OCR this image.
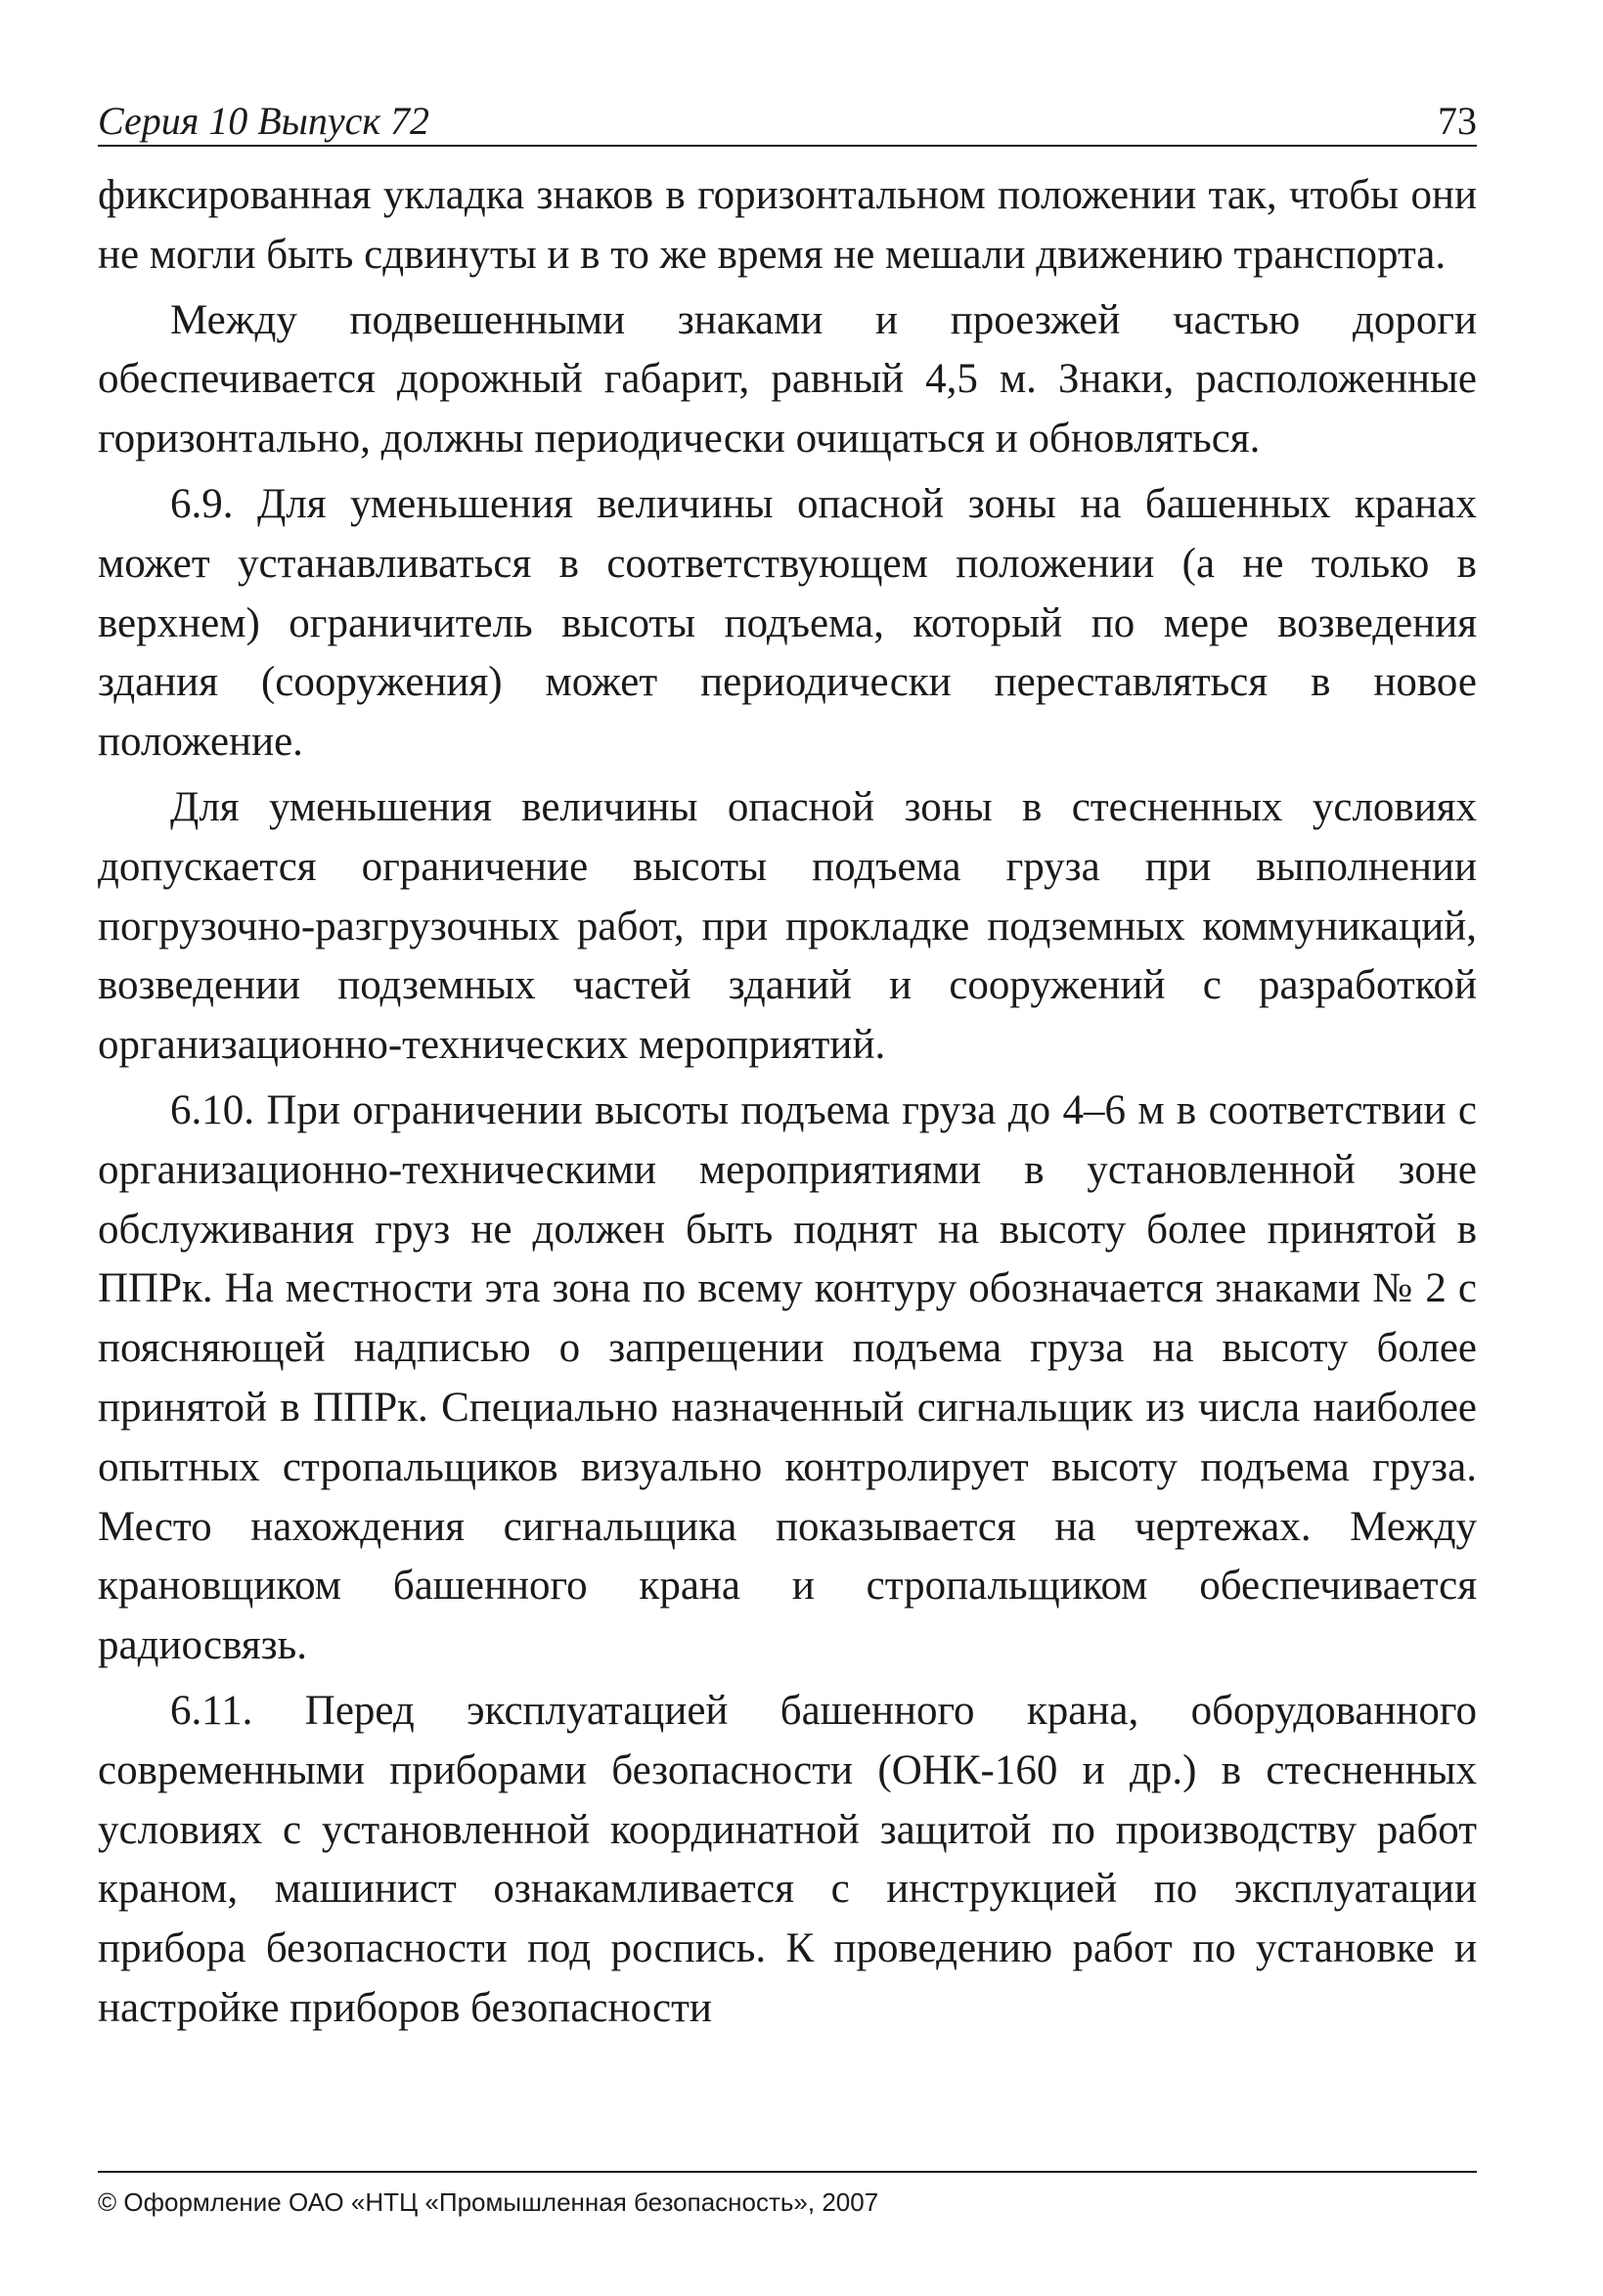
Серия 10 Выпуск 72	73

фиксированная укладка знаков в горизонтальном положении так, чтобы они не могли быть сдвинуты и в то же время не мешали движению транспорта.

Между подвешенными знаками и проезжей частью дороги обеспечивается дорожный габарит, равный 4,5 м. Знаки, расположенные горизонтально, должны периодически очищаться и обновляться.

6.9. Для уменьшения величины опасной зоны на башенных кранах может устанавливаться в соответствующем положении (а не только в верхнем) ограничитель высоты подъема, который по мере возведения здания (сооружения) может периодически переставляться в новое положение.

Для уменьшения величины опасной зоны в стесненных условиях допускается ограничение высоты подъема груза при выполнении погрузочно-разгрузочных работ, при прокладке подземных коммуникаций, возведении подземных частей зданий и сооружений с разработкой организационно-технических мероприятий.

6.10. При ограничении высоты подъема груза до 4–6 м в соответствии с организационно-техническими мероприятиями в установленной зоне обслуживания груз не должен быть поднят на высоту более принятой в ППРк. На местности эта зона по всему контуру обозначается знаками № 2 с поясняющей надписью о запрещении подъема груза на высоту более принятой в ППРк. Специально назначенный сигнальщик из числа наиболее опытных стропальщиков визуально контролирует высоту подъема груза. Место нахождения сигнальщика показывается на чертежах. Между крановщиком башенного крана и стропальщиком обеспечивается радиосвязь.

6.11. Перед эксплуатацией башенного крана, оборудованного современными приборами безопасности (ОНК-160 и др.) в стесненных условиях с установленной координатной защитой по производству работ краном, машинист ознакамливается с инструкцией по эксплуатации прибора безопасности под роспись. К проведению работ по установке и настройке приборов безопасности

© Оформление ОАО «НТЦ «Промышленная безопасность», 2007
